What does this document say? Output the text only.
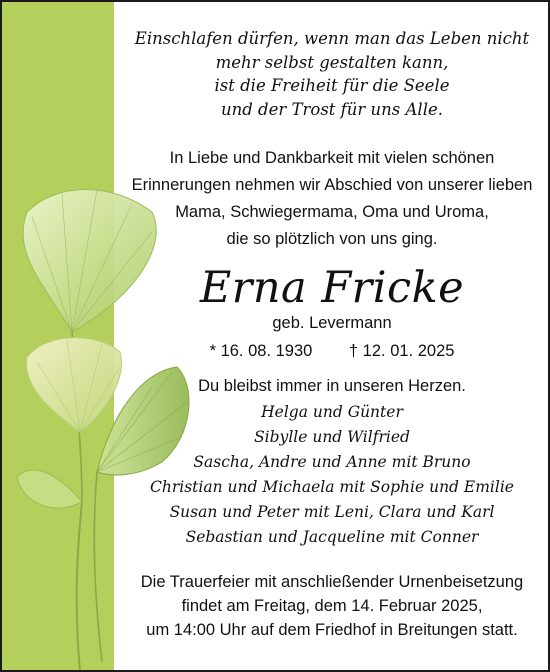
Einschlafen dürfen, wenn man das Leben nicht
mehr selbst gestalten kann,
ist die Freiheit für die Seele
und der Trost für uns Alle.
In Liebe und Dankbarkeit mit vielen schönen
Erinnerungen nehmen wir Abschied von unserer lieben
Mama, Schwiegermama, Oma und Uroma,
die so plötzlich von uns ging.
Erna Fricke
geb. Levermann
* 16. 08. 1930 † 12. 01. 2025
Du bleibst immer in unseren Herzen.
Helga und Günter
Sibylle und Wilfried
Sascha, Andre und Anne mit Bruno
Christian und Michaela mit Sophie und Emilie
Susan und Peter mit Leni, Clara und Karl
Sebastian und Jacqueline mit Conner
Die Trauerfeier mit anschließender Urnenbeisetzung
findet am Freitag, dem 14. Februar 2025,
um 14:00 Uhr auf dem Friedhof in Breitungen statt.
